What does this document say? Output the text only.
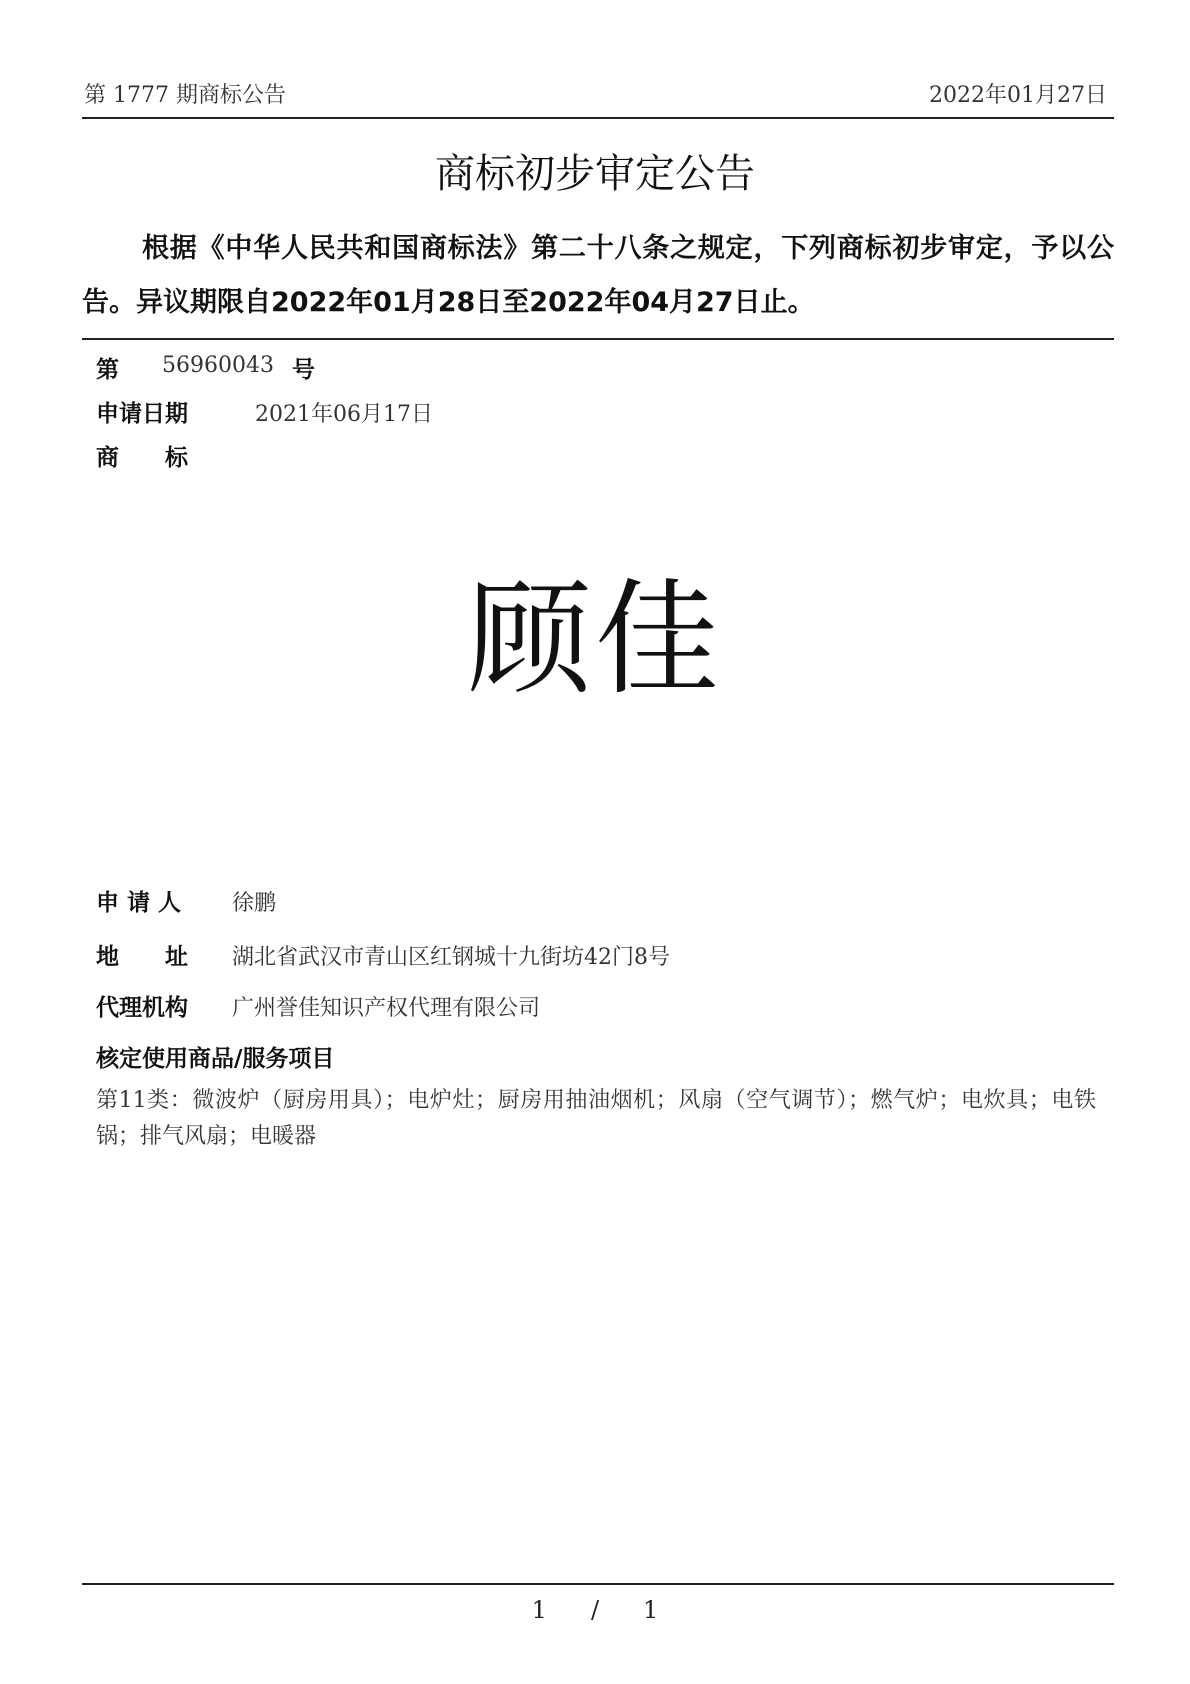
第 1777 期商标公告	2022年01月27日
商标初步审定公告
根据《中华人民共和国商标法》第二十八条之规定，下列商标初步审定，予以公告。异议期限自2022年01月28日至2022年04月27日止。
第 56960043 号
申请日期	2021年06月17日
商　　标
顾佳
申 请 人 徐鹏
地　　址 湖北省武汉市青山区红钢城十九街坊42门8号
代理机构 广州誉佳知识产权代理有限公司
核定使用商品/服务项目
第11类：微波炉（厨房用具）；电炉灶；厨房用抽油烟机；风扇（空气调节）；燃气炉；电炊具；电铁锅；排气风扇；电暖器
1 / 1
